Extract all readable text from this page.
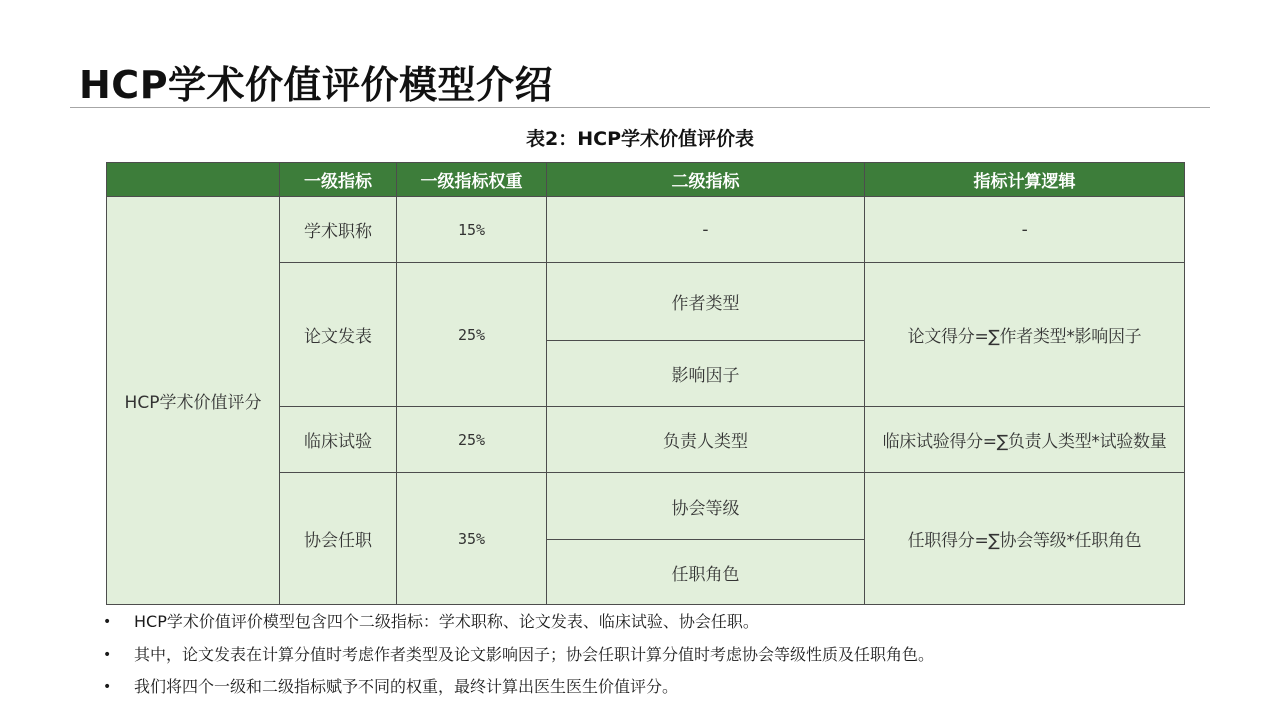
HCP学术价值评价模型介绍
表2：HCP学术价值评价表
	一级指标	一级指标权重	二级指标	指标计算逻辑
HCP学术价值评分	学术职称	15%	-	-
	论文发表	25%	作者类型	论文得分=∑作者类型*影响因子
			影响因子	
	临床试验	25%	负责人类型	临床试验得分=∑负责人类型*试验数量
	协会任职	35%	协会等级	任职得分=∑协会等级*任职角色
			任职角色	
• HCP学术价值评价模型包含四个二级指标：学术职称、论文发表、临床试验、协会任职。
• 其中，论文发表在计算分值时考虑作者类型及论文影响因子；协会任职计算分值时考虑协会等级性质及任职角色。
• 我们将四个一级和二级指标赋予不同的权重，最终计算出医生医生价值评分。
